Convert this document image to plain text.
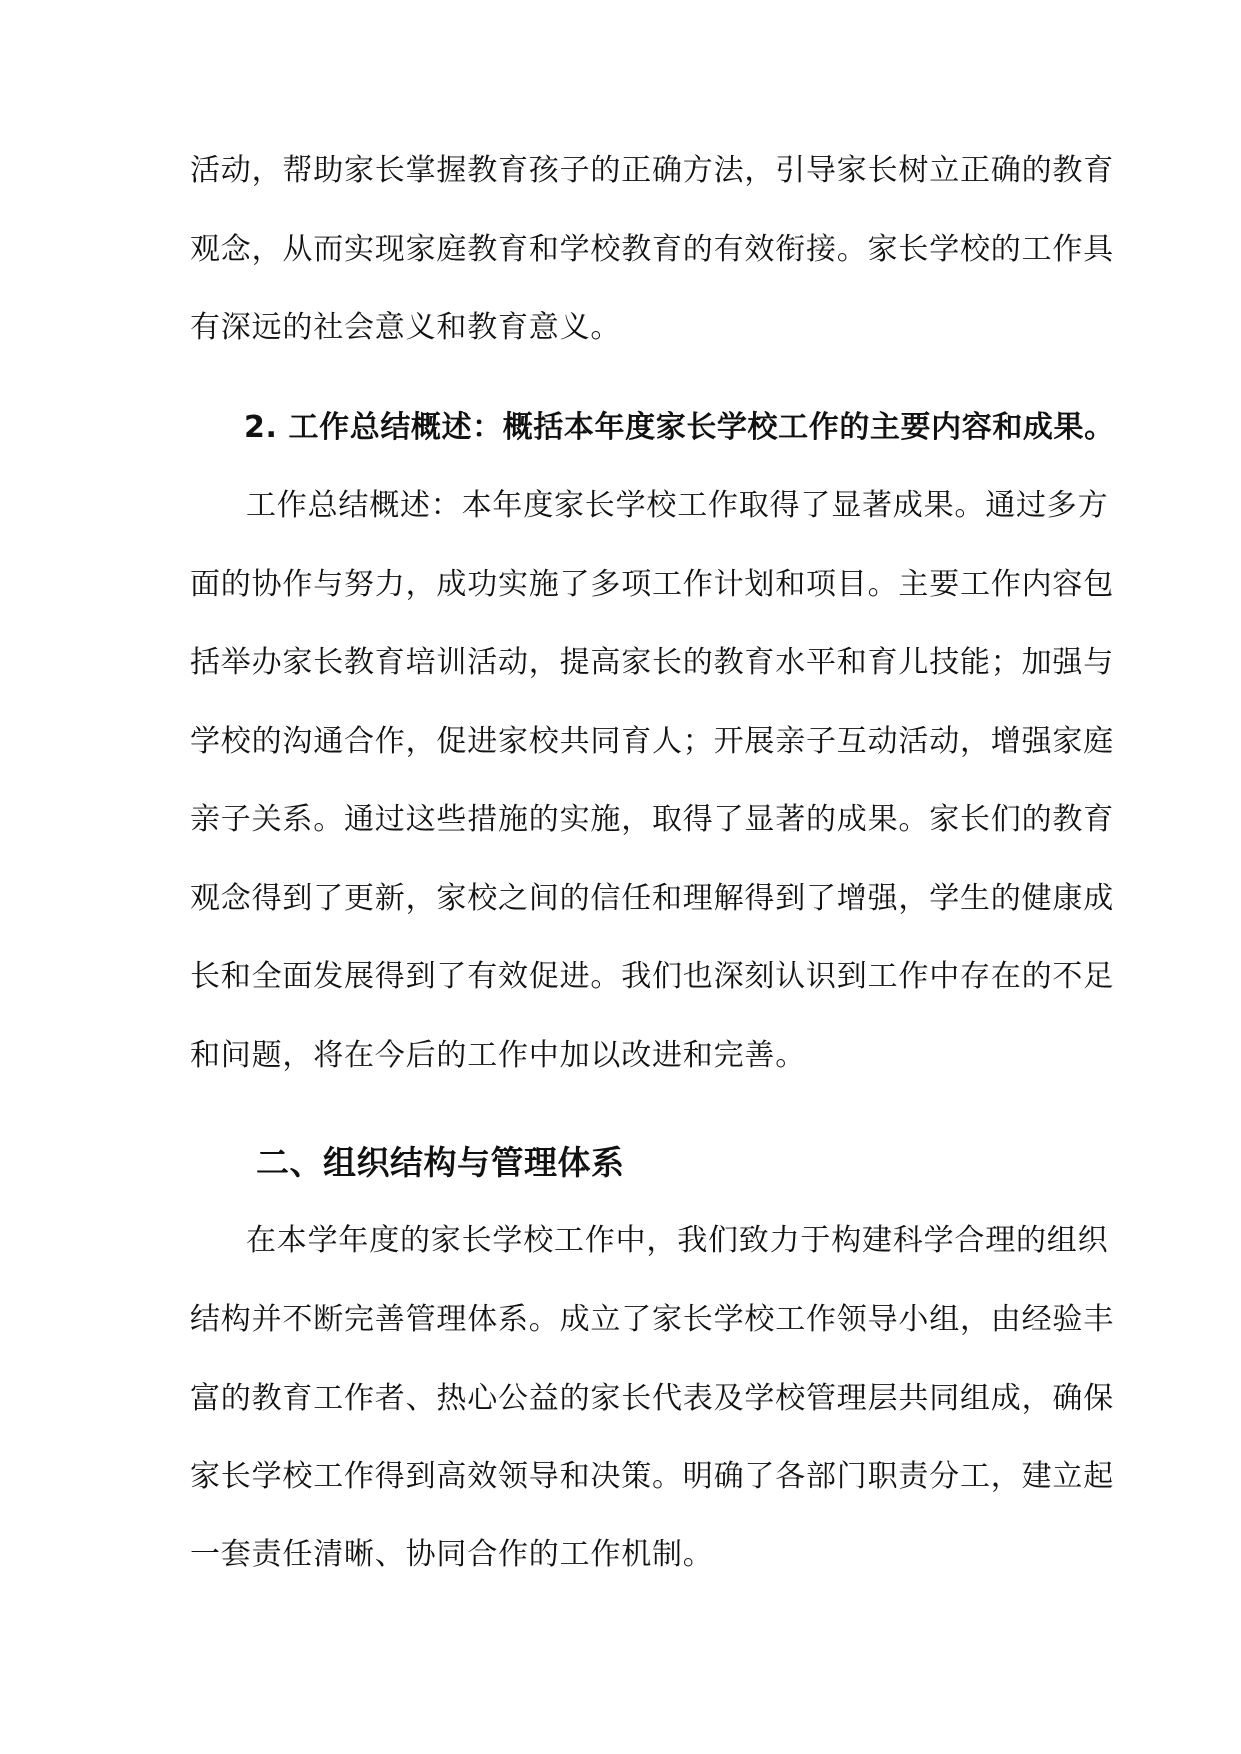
活动，帮助家长掌握教育孩子的正确方法，引导家长树立正确的教育
观念，从而实现家庭教育和学校教育的有效衔接。家长学校的工作具
有深远的社会意义和教育意义。
2. 工作总结概述：概括本年度家长学校工作的主要内容和成果。
工作总结概述：本年度家长学校工作取得了显著成果。通过多方
面的协作与努力，成功实施了多项工作计划和项目。主要工作内容包
括举办家长教育培训活动，提高家长的教育水平和育儿技能；加强与
学校的沟通合作，促进家校共同育人；开展亲子互动活动，增强家庭
亲子关系。通过这些措施的实施，取得了显著的成果。家长们的教育
观念得到了更新，家校之间的信任和理解得到了增强，学生的健康成
长和全面发展得到了有效促进。我们也深刻认识到工作中存在的不足
和问题，将在今后的工作中加以改进和完善。
二、组织结构与管理体系
在本学年度的家长学校工作中，我们致力于构建科学合理的组织
结构并不断完善管理体系。成立了家长学校工作领导小组，由经验丰
富的教育工作者、热心公益的家长代表及学校管理层共同组成，确保
家长学校工作得到高效领导和决策。明确了各部门职责分工，建立起
一套责任清晰、协同合作的工作机制。
